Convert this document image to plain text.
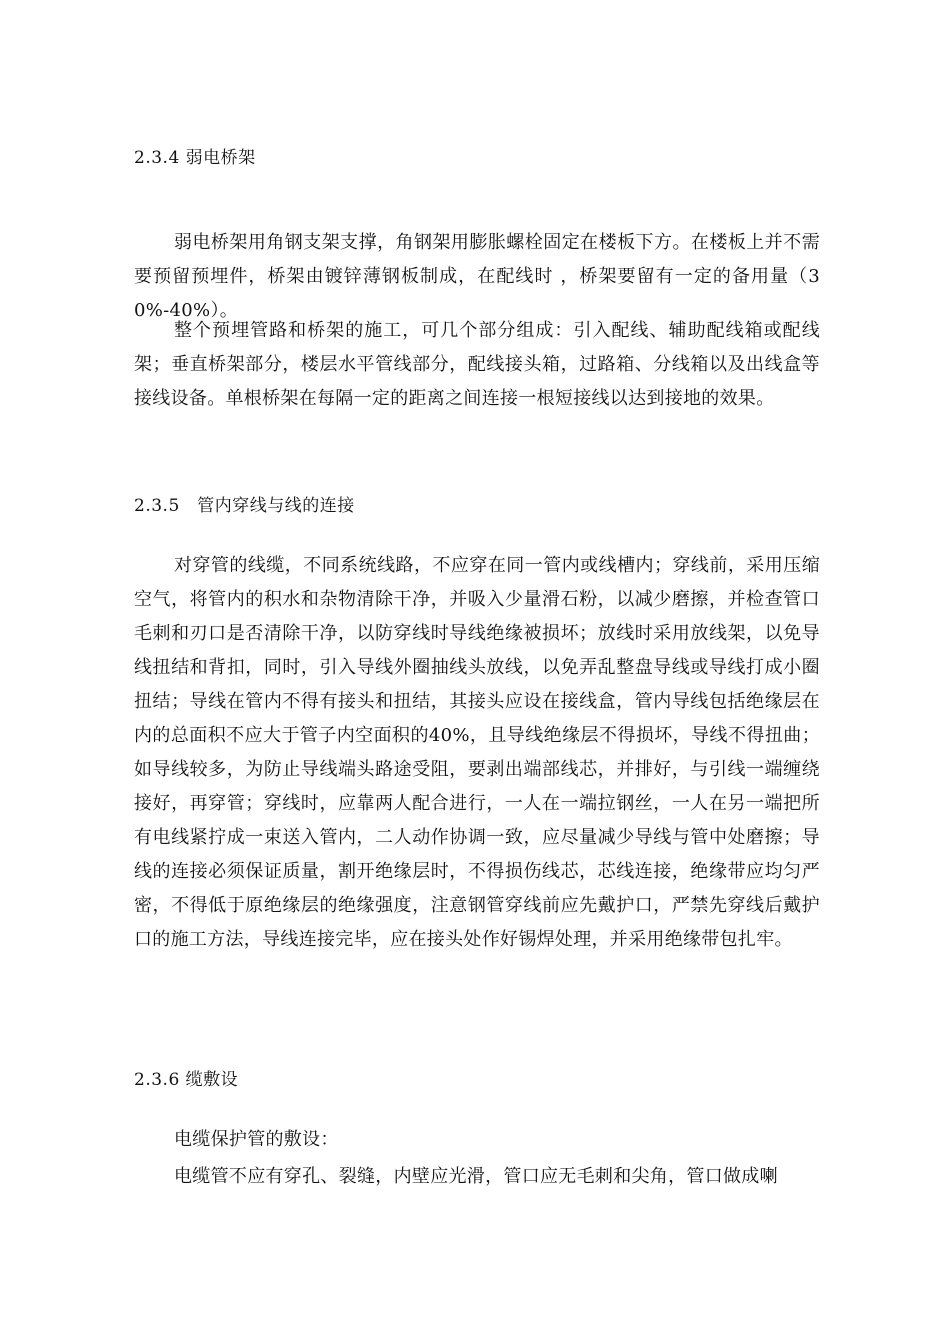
2.3.4 弱电桥架
弱电桥架用角钢支架支撑，角钢架用膨胀螺栓固定在楼板下方。在楼板上并不需要预留预埋件，桥架由镀锌薄钢板制成，在配线时 ，桥架要留有一定的备用量（30%-40%）。
整个预埋管路和桥架的施工，可几个部分组成：引入配线、辅助配线箱或配线架；垂直桥架部分，楼层水平管线部分，配线接头箱，过路箱、分线箱以及出线盒等接线设备。单根桥架在每隔一定的距离之间连接一根短接线以达到接地的效果。
2.3.5　管内穿线与线的连接
对穿管的线缆，不同系统线路，不应穿在同一管内或线槽内；穿线前，采用压缩空气，将管内的积水和杂物清除干净，并吸入少量滑石粉，以减少磨擦，并检查管口毛刺和刃口是否清除干净，以防穿线时导线绝缘被损坏；放线时采用放线架，以免导线扭结和背扣，同时，引入导线外圈抽线头放线，以免弄乱整盘导线或导线打成小圈扭结；导线在管内不得有接头和扭结，其接头应设在接线盒，管内导线包括绝缘层在内的总面积不应大于管子内空面积的40%，且导线绝缘层不得损坏，导线不得扭曲；如导线较多，为防止导线端头路途受阻，要剥出端部线芯，并排好，与引线一端缠绕接好，再穿管；穿线时，应靠两人配合进行，一人在一端拉钢丝，一人在另一端把所有电线紧拧成一束送入管内，二人动作协调一致，应尽量减少导线与管中处磨擦；导线的连接必须保证质量，割开绝缘层时，不得损伤线芯，芯线连接，绝缘带应均匀严密，不得低于原绝缘层的绝缘强度，注意钢管穿线前应先戴护口，严禁先穿线后戴护口的施工方法，导线连接完毕，应在接头处作好锡焊处理，并采用绝缘带包扎牢。
2.3.6 缆敷设
电缆保护管的敷设：
电缆管不应有穿孔、裂缝，内壁应光滑，管口应无毛刺和尖角，管口做成喇
